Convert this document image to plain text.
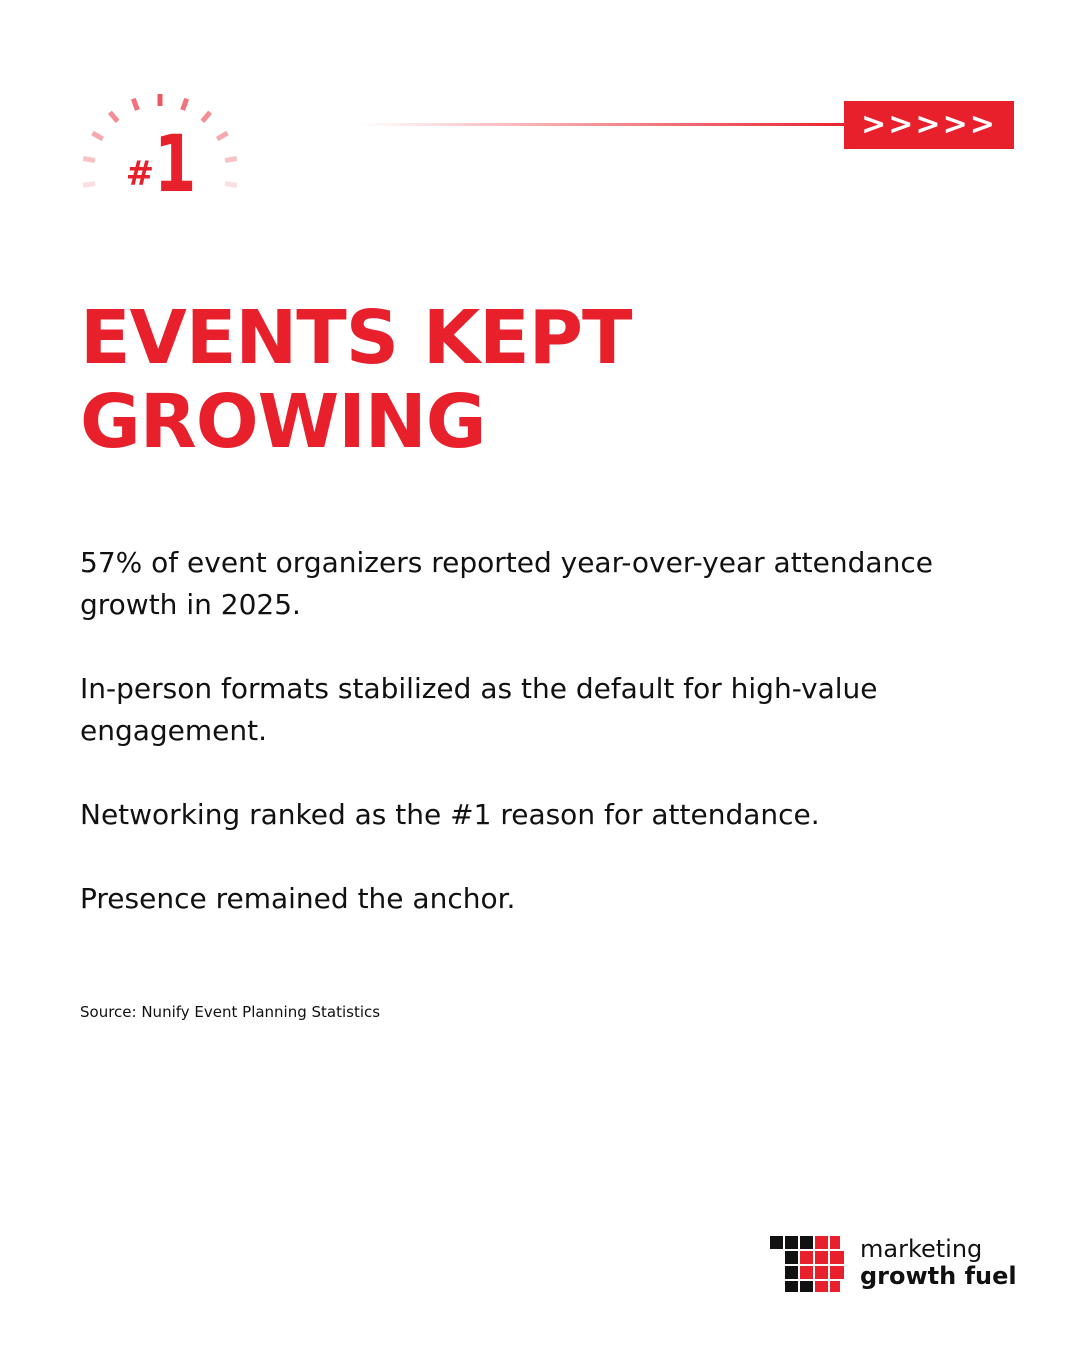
#1	>>>>>
EVENTS KEPT
GROWING

57% of event organizers reported year-over-year attendance growth in 2025.

In-person formats stabilized as the default for high-value engagement.

Networking ranked as the #1 reason for attendance.

Presence remained the anchor.

Source: Nunify Event Planning Statistics

marketing
growth fuel
